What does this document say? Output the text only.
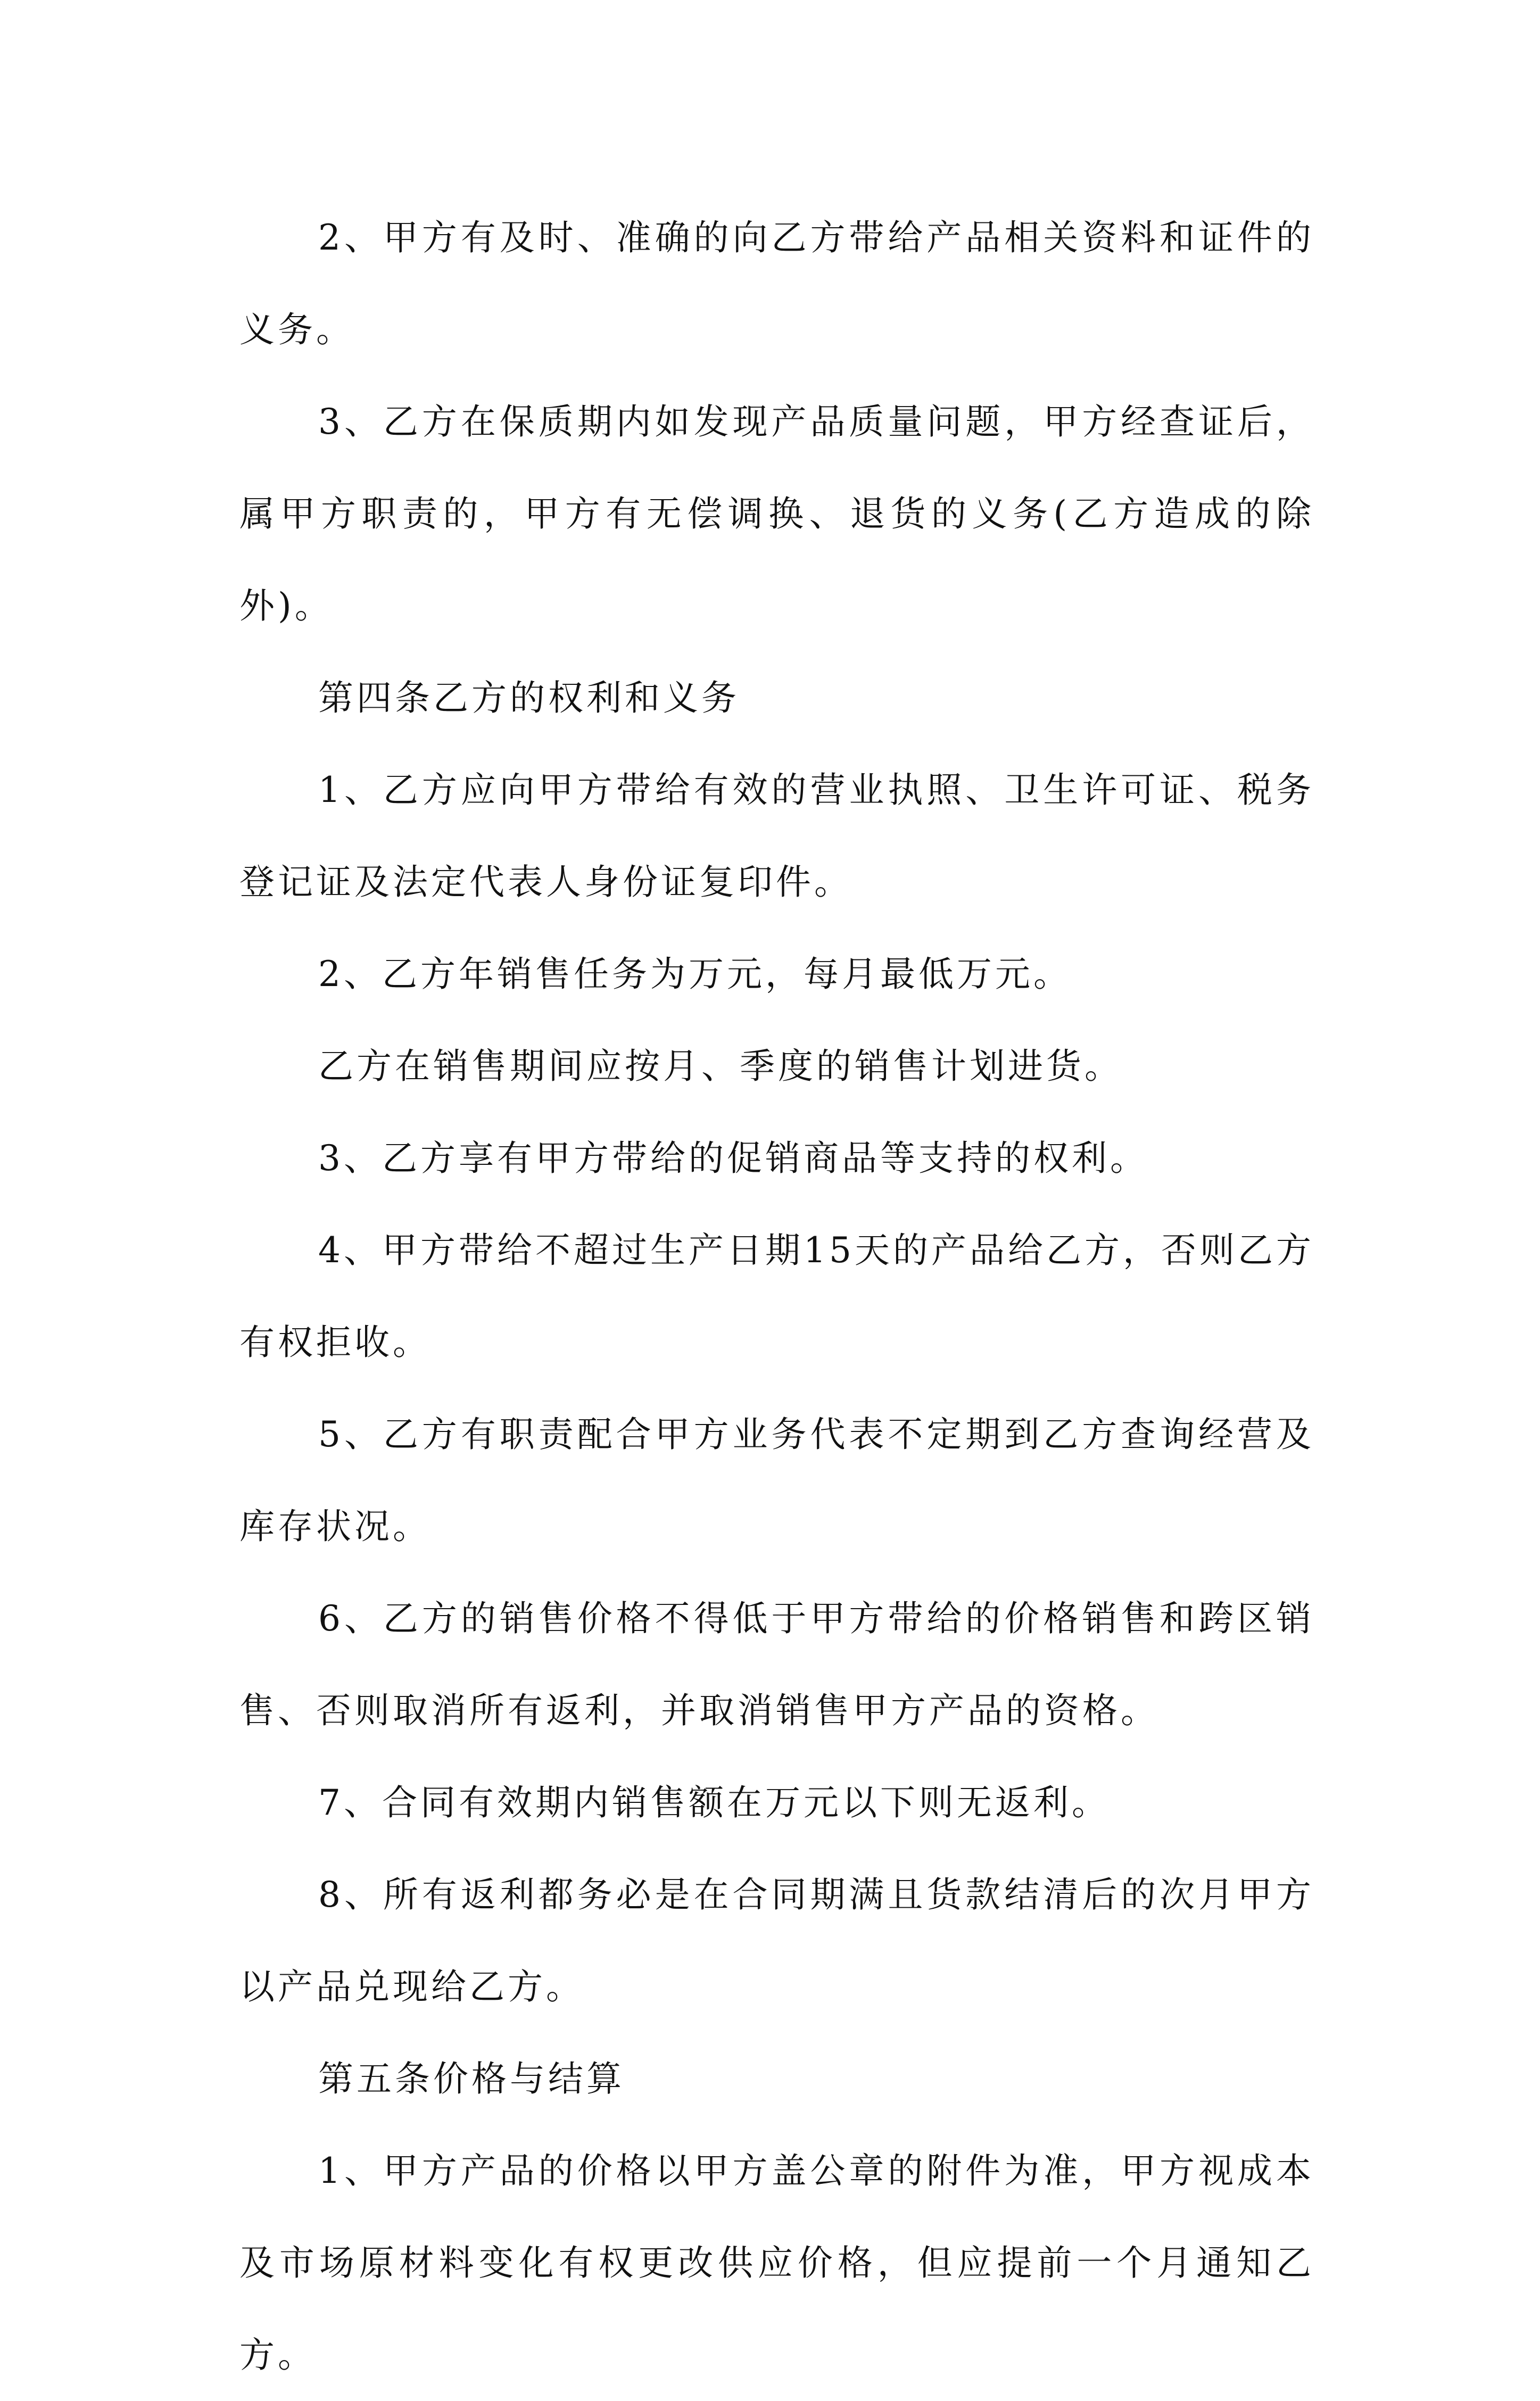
2、甲方有及时、准确的向乙方带给产品相关资料和证件的义务。

3、乙方在保质期内如发现产品质量问题，甲方经查证后，属甲方职责的，甲方有无偿调换、退货的义务(乙方造成的除外)。

第四条乙方的权利和义务

1、乙方应向甲方带给有效的营业执照、卫生许可证、税务登记证及法定代表人身份证复印件。

2、乙方年销售任务为万元，每月最低万元。

乙方在销售期间应按月、季度的销售计划进货。

3、乙方享有甲方带给的促销商品等支持的权利。

4、甲方带给不超过生产日期15天的产品给乙方，否则乙方有权拒收。

5、乙方有职责配合甲方业务代表不定期到乙方查询经营及库存状况。

6、乙方的销售价格不得低于甲方带给的价格销售和跨区销售、否则取消所有返利，并取消销售甲方产品的资格。

7、合同有效期内销售额在万元以下则无返利。

8、所有返利都务必是在合同期满且货款结清后的次月甲方以产品兑现给乙方。

第五条价格与结算

1、甲方产品的价格以甲方盖公章的附件为准，甲方视成本及市场原材料变化有权更改供应价格，但应提前一个月通知乙方。
